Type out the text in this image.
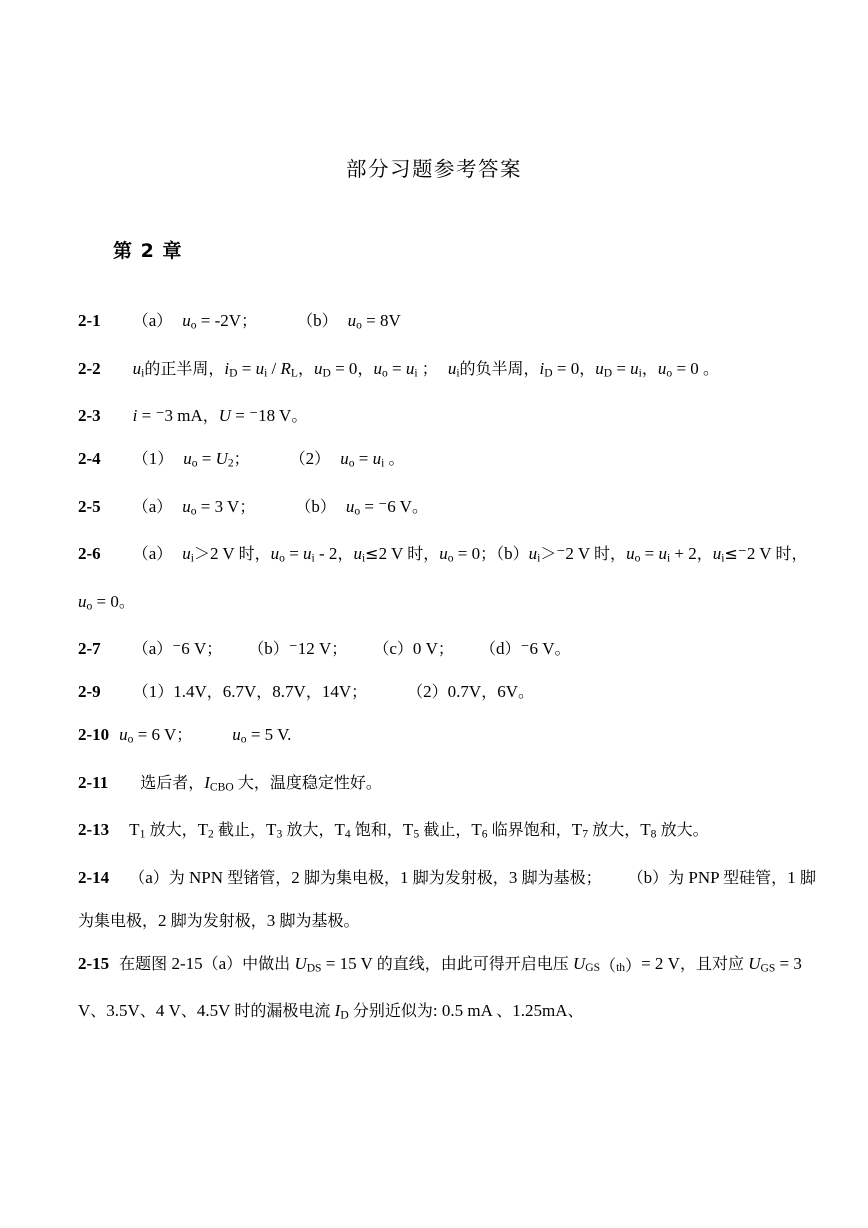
部分习题参考答案
第 2 章

2-1 （a） $u_o = -2V$；	（b） $u_o = 8V$

2-2 $u_i$的正半周，$i_D = u_i / R_L$，$u_D = 0$，$u_o = u_i$ ； $u_i$的负半周，$i_D = 0$，$u_D = u_i$，$u_o = 0$ 。

2-3 i = ⁻3 mA，U = ⁻18 V。

2-4 （1） $u_o = U_2$；	（2） $u_o = u_i$ 。

2-5 （a） $u_o = 3$ V；	（b） $u_o = ^-6$ V。

2-6 （a） $u_i>2$ V 时，$u_o = u_i - 2$，$u_i\le 2$ V 时，$u_o = 0$；$(b)u_i>^-2$ V 时，$u_o = u_i + 2$，$u_i\le^-2$ V 时，$u_o = 0$。

2-7 （a）⁻6 V； （b）⁻12 V； （c）0 V； （d）⁻6 V。

2-9 （1）1.4V，6.7V，8.7V，14V；	（2）0.7V，6V。

2-10 $u_o = 6$ V； $u_o = 5$ V.

2-11 选后者，$I_{CBO}$ 大，温度稳定性好。

2-13 $T_1$ 放大，$T_2$ 截止，$T_3$ 放大，$T_4$ 饱和，$T_5$ 截止，$T_6$ 临界饱和，$T_7$ 放大，$T_8$ 放大。

2-14 （a）为 NPN 型锗管，2 脚为集电极，1 脚为发射极，3 脚为基极； （b）为 PNP 型硅管，1 脚为集电极，2 脚为发射极，3 脚为基极。

2-15 在题图 2-15（a）中做出 $U_{DS} = 15$ V 的直线，由此可得开启电压 $U_{GS(th)}= 2$ V，且对应 $U_{GS} = 3$ V、3.5V、4 V、4.5V 时的漏极电流 $I_D$ 分别近似为: 0.5 mA 、1.25mA、
